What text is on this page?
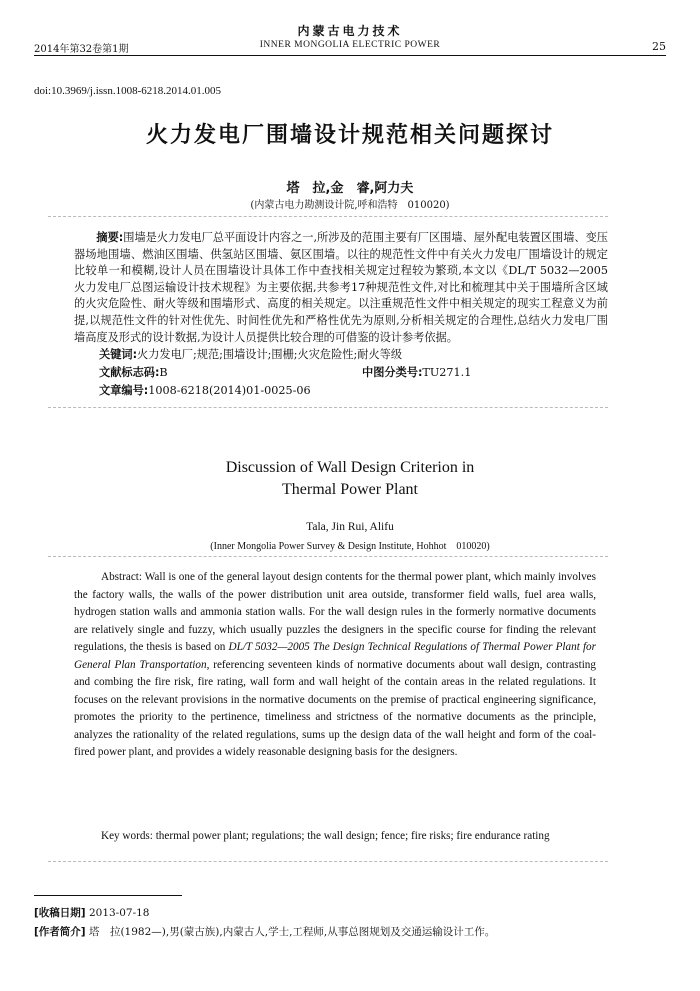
内蒙古电力技术
2014年第32卷第1期	INNER MONGOLIA ELECTRIC POWER	25
doi:10.3969/j.issn.1008-6218.2014.01.005
火力发电厂围墙设计规范相关问题探讨
塔　拉,金　睿,阿力夫
(内蒙古电力勘测设计院,呼和浩特　010020)

摘要:围墙是火力发电厂总平面设计内容之一,所涉及的范围主要有厂区围墙、屋外配电装置区围墙、变压器场地围墙、燃油区围墙、供氢站区围墙、氨区围墙。以往的规范性文件中有关火力发电厂围墙设计的规定比较单一和模糊,设计人员在围墙设计具体工作中查找相关规定过程较为繁琐,本文以《DL/T 5032—2005 火力发电厂总图运输设计技术规程》为主要依据,共参考17种规范性文件,对比和梳理其中关于围墙所含区域的火灾危险性、耐火等级和围墙形式、高度的相关规定。以注重规范性文件中相关规定的现实工程意义为前提,以规范性文件的针对性优先、时间性优先和严格性优先为原则,分析相关规定的合理性,总结火力发电厂围墙高度及形式的设计数据,为设计人员提供比较合理的可借鉴的设计参考依据。

关键词:火力发电厂;规范;围墙设计;围栅;火灾危险性;耐火等级
文献标志码:B	中图分类号:TU271.1
文章编号:1008-6218(2014)01-0025-06
Discussion of Wall Design Criterion in
Thermal Power Plant
Tala, Jin Rui, Alifu
(Inner Mongolia Power Survey & Design Institute, Hohhot　010020)

Abstract: Wall is one of the general layout design contents for the thermal power plant, which mainly involves the factory walls, the walls of the power distribution unit area outside, transformer field walls, fuel area walls, hydrogen station walls and ammonia station walls. For the wall design rules in the formerly normative documents are relatively single and fuzzy, which usually puzzles the designers in the specific course for finding the relevant regulations, the thesis is based on DL/T 5032—2005 The Design Technical Regulations of Thermal Power Plant for General Plan Transportation, referencing seventeen kinds of normative documents about wall design, contrasting and combing the fire risk, fire rating, wall form and wall height of the contain areas in the related regulations. It focuses on the relevant provisions in the normative documents on the premise of practical engineering significance, promotes the priority to the pertinence, timeliness and strictness of the normative documents as the principle, analyzes the rationality of the related regulations, sums up the design data of the wall height and form of the coal-fired power plant, and provides a widely reasonable designing basis for the designers.

Key words: thermal power plant; regulations; the wall design; fence; fire risks; fire endurance rating

[收稿日期] 2013-07-18
[作者简介] 塔　拉(1982—),男(蒙古族),内蒙古人,学士,工程师,从事总图规划及交通运输设计工作。
